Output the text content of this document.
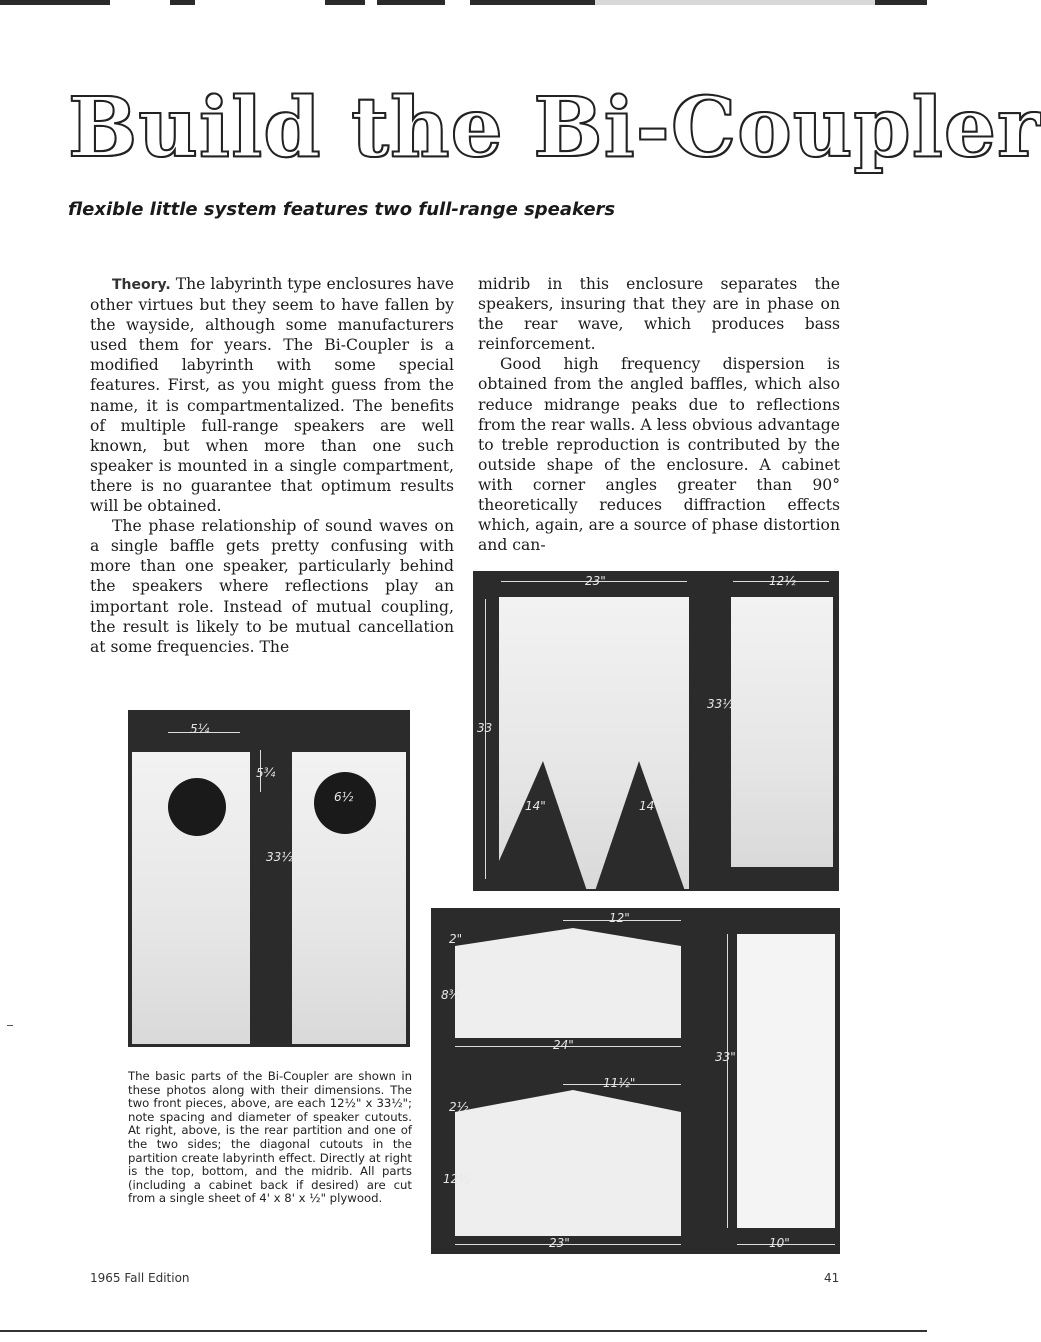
Build the Bi-Coupler
flexible little system features two full-range speakers

Theory. The labyrinth type enclosures have other virtues but they seem to have fallen by the wayside, although some manufacturers used them for years. The Bi-Coupler is a modified labyrinth with some special features. First, as you might guess from the name, it is compartmentalized. The benefits of multiple full-range speakers are well known, but when more than one such speaker is mounted in a single compartment, there is no guarantee that optimum results will be obtained.

The phase relationship of sound waves on a single baffle gets pretty confusing with more than one speaker, particularly behind the speakers where reflections play an important role. Instead of mutual coupling, the result is likely to be mutual cancellation at some frequencies. The

midrib in this enclosure separates the speakers, insuring that they are in phase on the rear wave, which produces bass reinforcement.

Good high frequency dispersion is obtained from the angled baffles, which also reduce midrange peaks due to reflections from the rear walls. A less obvious advantage to treble reproduction is contributed by the outside shape of the enclosure. A cabinet with corner angles greater than 90° theoretically reduces diffraction effects which, again, are a source of phase distortion and can-

5¼
5¾
33½
6½
23"	12½
33
33½
14"	14"
12"
2"
8¾
24"
11½"
2½
12½
23"
33"
10"
The basic parts of the Bi-Coupler are shown in these photos along with their dimensions. The two front pieces, above, are each 12½" x 33½"; note spacing and diameter of speaker cutouts. At right, above, is the rear partition and one of the two sides; the diagonal cutouts in the partition create labyrinth effect. Directly at right is the top, bottom, and the midrib. All parts (including a cabinet back if desired) are cut from a single sheet of 4' x 8' x ½" plywood.
1965 Fall Edition	41
